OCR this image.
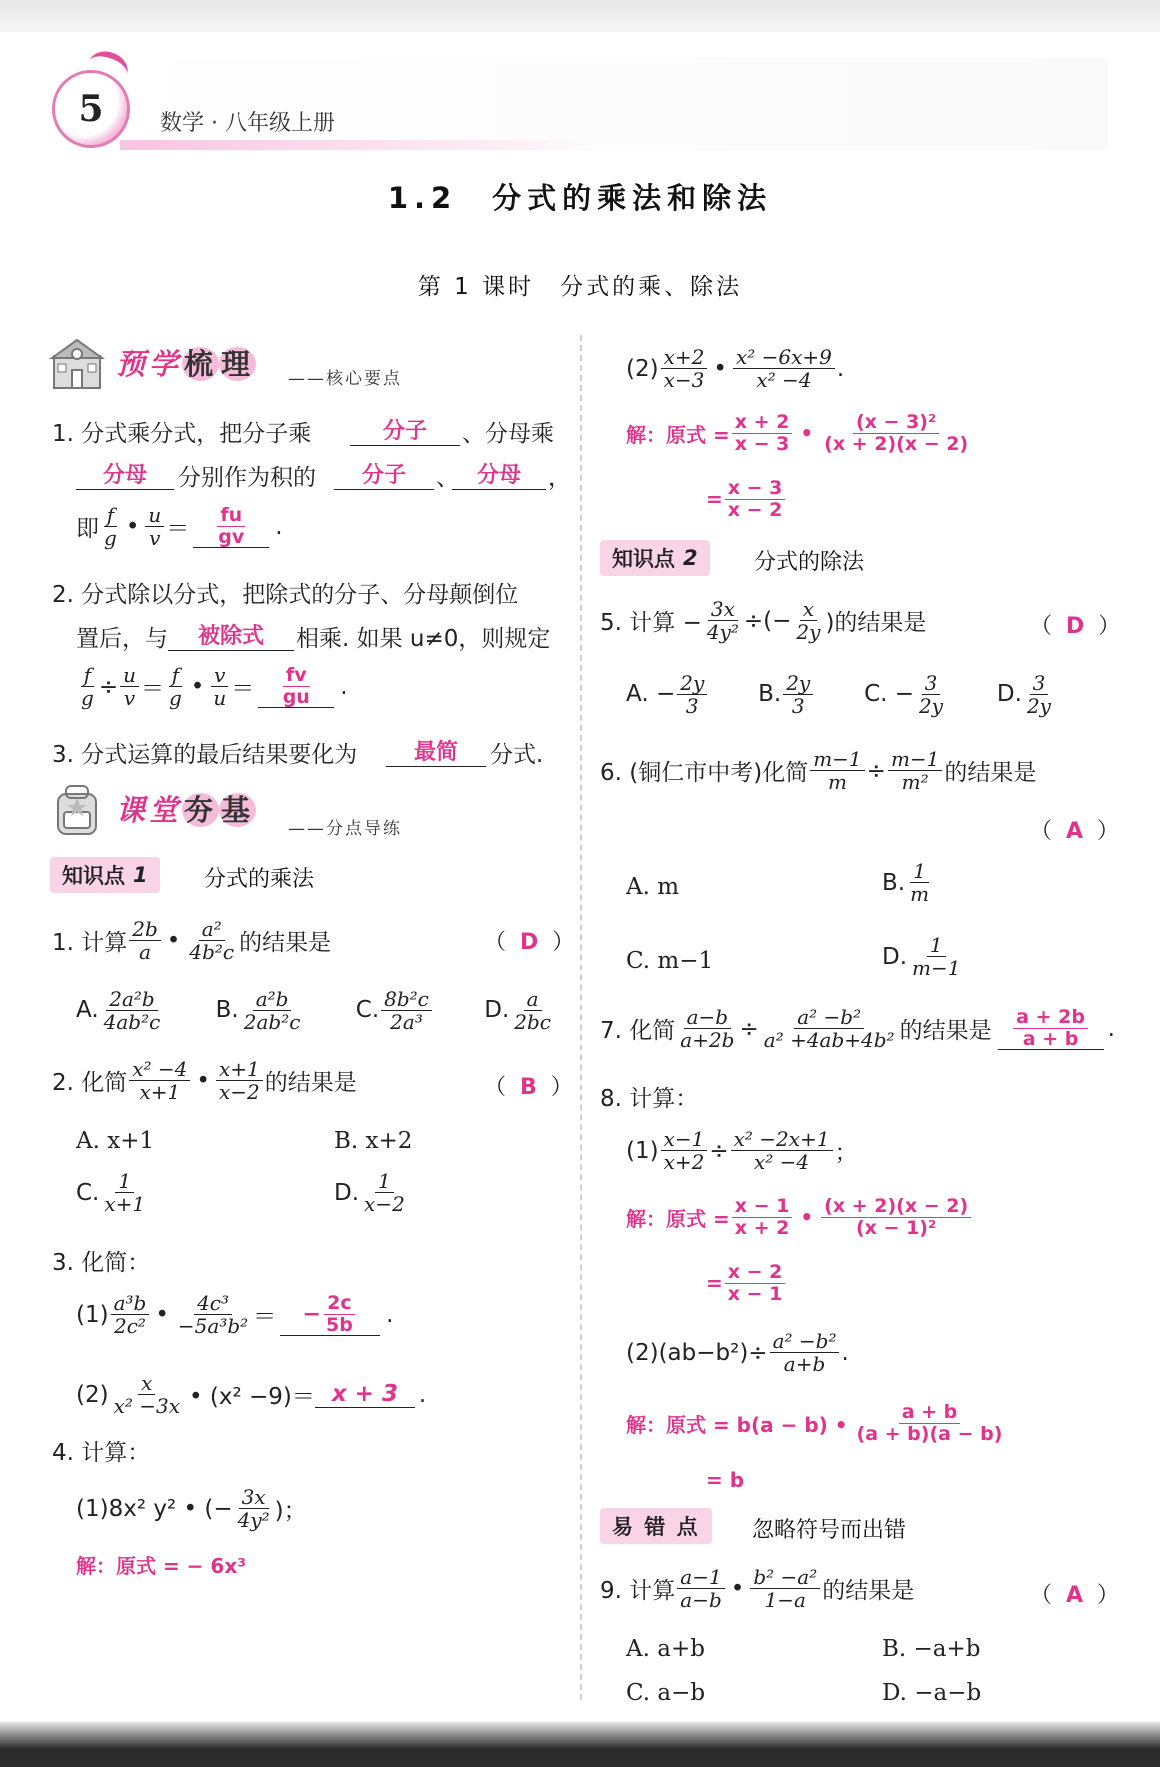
5	数学 · 八年级上册
1.2　分式的乘法和除法
第 1 课时　分式的乘、除法
预学梳 理 ——核心要点
1. 分式乘分式，把分子乘	分子	、分母乘
分母	分别作为积的	分子	、 分母	，
即 $\frac{f}{g}$ • $\frac{u}{v} = \frac{fu}{gv}$ .
2. 分式除以分式，把除式的分子、分母颠倒位
置后，与	被除式	相乘. 如果 u≠0，则规定
$\frac{f}{g} \div \frac{u}{v} = \frac{f}{g}$ • $\frac{v}{u} = \frac{fv}{gu}$ .
3. 分式运算的最后结果要化为	最简	分式.
课堂夯 基
——分点导练
知识点 1	分式的乘法
1. 计算 $\frac{2b}{a}$ • $\frac{\text{a²}}{\text{4b²c}}$ 的结果是	（ D ）
A. $\frac{\text{2a²b}}{\text{4ab²c}} B$. $\frac{\text{a²b}}{\text{2ab²c}} C$. $\frac{\text{8b²c}}{\text{2a³}} D$. $\frac{a}{2bc}$
2. 化简 $\frac{\text{x² −4}}{x+1}$ • $\frac{x+1}{x-2}$ 的结果是	（ B ）
A. x+1	B. x+2
C. $\frac{1}{x+1}$	D. $\frac{1}{x-2}$
3. 化简：
$(1) \frac{\text{a³b}}{\text{2c²}}$ • $\frac{\text{4c³}}{\text{−5a³b²}}$ ＝ − $\frac{2c}{5b}$ .
$(2) \frac{x}{\text{x² −3x}}$ • (x² −9)＝ x + 3 .
4. 计算：
(1)8x² y² • (− $\frac{3x}{\text{4y²}}$ )；
解：原式 = − 6x³
$(2) \frac{x+2}{x-3}$ • $\frac{\text{x² −6x+9}}{\text{x² −4}}$ .
解：原式 = $\frac{x + 2}{x - 3}$ • $\frac{\text{(x − 3)²}}{(x + 2)(x - 2)}$
= $\frac{x - 3}{x - 2}$
知识点 2	分式的除法
5. 计算 − $\frac{3x}{\text{4y²}}$ ÷(− $\frac{x}{2y}$ )的结果是	（ D ）
A. − $\frac{2y}{3} B$. $\frac{2y}{3} C$. − $\frac{3}{2y} D$. $\frac{3}{2y}$
6. (铜仁市中考)化简 $\frac{m-1}{m} \div \frac{m-1}{\text{m²}}$ 的结果是
（ A ）
A. m	B. $\frac{1}{m}$
C. m−1	D. $\frac{1}{m-1}$
7. 化简 $\frac{a-b}{a+2b} \div \frac{\text{a² −b²}}{\text{a² +4ab+4b²}}$ 的结果是 $\frac{a + 2b}{a + b}$ .
8. 计算：
$(1) \frac{x-1}{x+2} \div \frac{\text{x² −2x+1}}{\text{x² −4}}$ ；
解：原式 = $\frac{x - 1}{x + 2}$ • $\frac{(x + 2)(x - 2)}{\text{(x − 1)²}}$
= $\frac{x - 2}{x - 1}$
$(2)(ab-b^2)\div \frac{\text{a² −b²}}{a+b}$ .
解：原式 = b(a − b) • $\frac{a + b}{(a + b)(a - b)}$
= b
易 错 点 忽略符号而出错
9. 计算 $\frac{a-1}{a-b}$ • $\frac{\text{b² −a²}}{1-a}$ 的结果是	（ A ）
A. a+b	B. −a+b
C. a−b	D. −a−b
